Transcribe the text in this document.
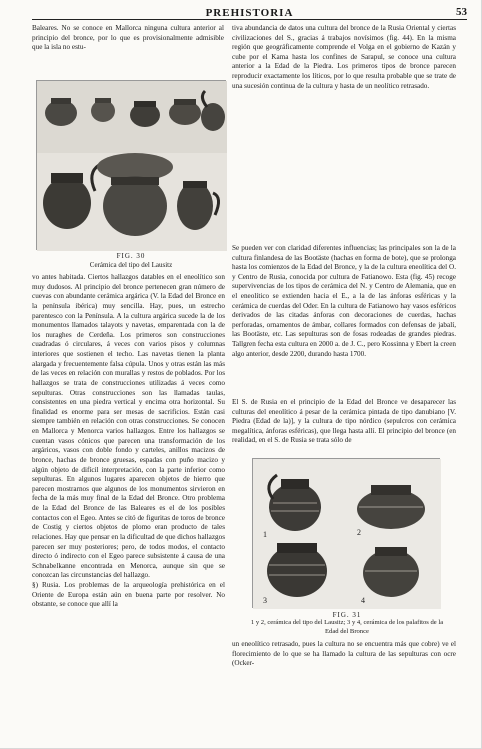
PREHISTORIA	53
Baleares. No se conoce en Mallorca ninguna cultura anterior al principio del bronce, por lo que es provisionalmente admisible que la isla no estu-
FIG. 30
Cerámica del tipo del Lausitz

vo antes habitada. Ciertos hallazgos datables en el eneolítico son muy dudosos. Al principio del bronce pertenecen gran número de cuevas con abundante cerámica argárica (V. la Edad del Bronce en la península ibérica) muy sencilla. Hay, pues, un estrecho parentesco con la Península. A la cultura argárica sucede la de los monumentos llamados talayots y navetas, emparentada con la de los nuraghes de Cerdeña. Los primeros son construcciones cuadradas ó circulares, á veces con varios pisos y columnas interiores que sostienen el techo. Las navetas tienen la planta alargada y frecuentemente falsa cúpula. Unos y otras están las más de las veces en relación con murallas y restos de poblados. Por los hallazgos se trata de construcciones utilizadas á veces como sepulturas. Otras construcciones son las llamadas taulas, consistentes en una piedra vertical y encima otra horizontal. Su finalidad es enorme para ser mesas de sacrificios. Están casi siempre también en relación con otras construcciones. Se conocen en Mallorca y Menorca varios hallazgos. Entre los hallazgos se cuentan vasos cónicos que parecen una transformación de los argáricos, vasos con doble fondo y carteles, anillos macizos de bronce, hachas de bronce gruesas, espadas con puño macizo y algún objeto de difícil interpretación, con la parte inferior como sepulturas. En algunos lugares aparecen objetos de hierro que parecen mostrarnos que algunos de los monumentos sirvieron en fecha de la más muy final de la Edad del Bronce. Otro problema de la Edad del Bronce de las Baleares es el de los posibles contactos con el Egeo. Antes se citó de figuritas de toros de bronce de Costig y ciertos objetos de plomo eran producto de tales relaciones. Hay que pensar en la dificultad de que dichos hallazgos parecen ser muy posteriores; pero, de todos modos, el contacto directo ó indirecto con el Egeo parece subsistente á causa de una Schnabelkanne encontrada en Menorca, aunque sin que se conozcan las circunstancias del hallazgo.

§) Rusia. Los problemas de la arqueología prehistórica en el Oriente de Europa están aún en buena parte por resolver. No obstante, se conoce que allí la

tiva abundancia de datos una cultura del bronce de la Rusia Oriental y ciertas civilizaciones del S., gracias á trabajos novísimos (fig. 44). En la misma región que geográficamente comprende el Volga en el gobierno de Kazán y cube por el Kama hasta los confines de Sarapul, se conoce una cultura anterior a la Edad de la Piedra. Los primeros tipos de bronce parecen reproducir exactamente los líticos, por lo que resulta probable que se trate de una sucesión continua de la cultura y hasta de un neolítico retrasado.

Se pueden ver con claridad diferentes influencias; las principales son la de la cultura finlandesa de las Bootäste (hachas en forma de bote), que se prolonga hasta los comienzos de la Edad del Bronce, y la de la cultura eneolítica del O. y Centro de Rusia, conocida por cultura de Fatianowo. Esta (fig. 45) recoge supervivencias de los tipos de cerámica del N. y Centro de Alemania, que en el eneolítico se extienden hacia el E., a la de las ánforas esféricas y la cerámica de cuerdas del Oder. En la cultura de Fatianowo hay vasos esféricos derivados de las citadas ánforas con decoraciones de cuerdas, hachas perforadas, ornamentos de ámbar, collares formados con defensas de jabalí, las Bootäste, etc. Las sepulturas son de fosas rodeadas de grandes piedras. Tallgren fecha esta cultura en 2000 a. de J. C., pero Kossinna y Ebert la creen algo anterior, desde 2200, durando hasta 1700.

El S. de Rusia en el principio de la Edad del Bronce ve desaparecer las culturas del eneolítico á pesar de la cerámica pintada de tipo danubiano [V. Piedra (Edad de la)], y la cultura de tipo nórdico (sepulcros con cerámica megalítica, ánforas esféricas), que llega hasta allí. El principio del bronce (en realidad, en el S. de Rusia se trata sólo de

1	2
3	4
FIG. 31
1 y 2, cerámica del tipo del Lausitz; 3 y 4, cerámica de los palafitos de la Edad del Bronce

un eneolítico retrasado, pues la cultura no se encuentra más que cobre) ve el florecimiento de lo que se ha llamado la cultura de las sepulturas con ocre (Ocker-
